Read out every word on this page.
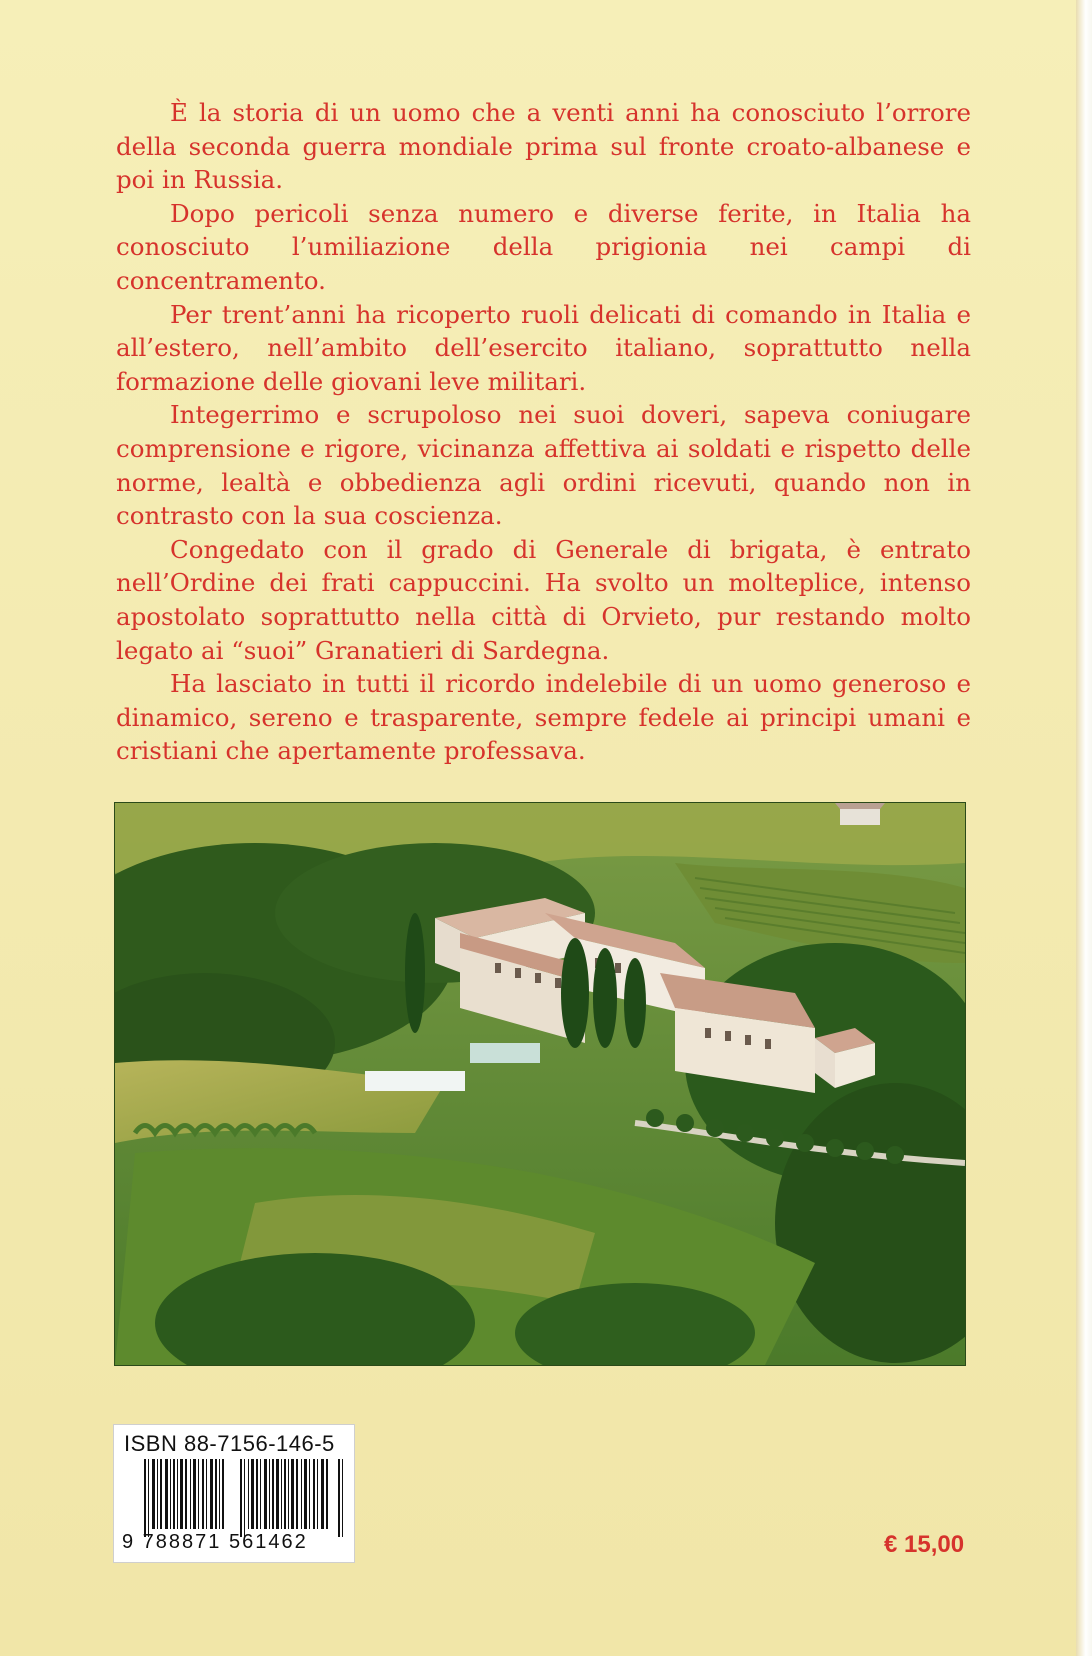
È la storia di un uomo che a venti anni ha conosciuto l’orrore della seconda guerra mondiale prima sul fronte croato-albanese e poi in Russia.

Dopo pericoli senza numero e diverse ferite, in Italia ha conosciuto l’umiliazione della prigionia nei campi di concentramento.

Per trent’anni ha ricoperto ruoli delicati di comando in Italia e all’estero, nell’ambito dell’esercito italiano, soprattutto nella formazione delle giovani leve militari.

Integerrimo e scrupoloso nei suoi doveri, sapeva coniugare comprensione e rigore, vicinanza affettiva ai soldati e rispetto delle norme, lealtà e obbedienza agli ordini ricevuti, quando non in contrasto con la sua coscienza.

Congedato con il grado di Generale di brigata, è entrato nell’Ordine dei frati cappuccini. Ha svolto un molteplice, intenso apostolato soprattutto nella città di Orvieto, pur restando molto legato ai “suoi” Granatieri di Sardegna.

Ha lasciato in tutti il ricordo indelebile di un uomo generoso e dinamico, sereno e trasparente, sempre fedele ai principi umani e cristiani che apertamente professava.

ISBN 88-7156-146-5
9 788871 561462	€ 15,00
